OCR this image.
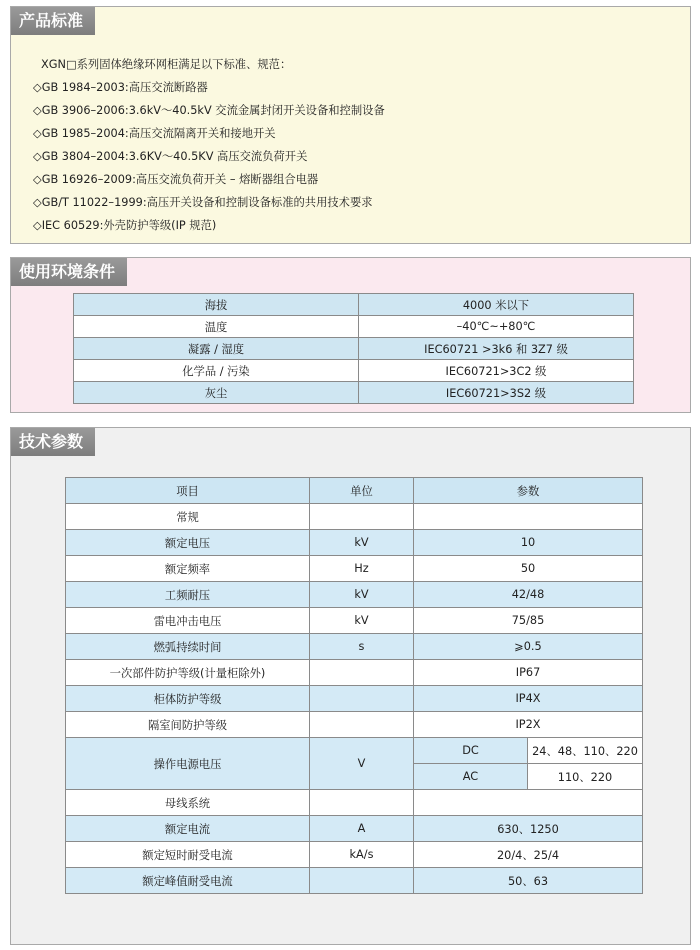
产品标准
XGN□系列固体绝缘环网柜满足以下标准、规范：
◇GB 1984–2003:高压交流断路器
◇GB 3906–2006:3.6kV～40.5kV 交流金属封闭开关设备和控制设备
◇GB 1985–2004:高压交流隔离开关和接地开关
◇GB 3804–2004:3.6KV～40.5KV 高压交流负荷开关
◇GB 16926–2009:高压交流负荷开关 – 熔断器组合电器
◇GB/T 11022–1999:高压开关设备和控制设备标准的共用技术要求
◇IEC 60529:外壳防护等级(IP 规范)
使用环境条件
海拔	4000 米以下
温度	–40℃~+80℃
凝露 / 湿度	IEC60721 >3k6 和 3Z7 级
化学品 / 污染	IEC60721>3C2 级
灰尘	IEC60721>3S2 级
技术参数
项目	单位	参数	
常规			
额定电压	kV	10	
额定频率	Hz	50	
工频耐压	kV	42/48	
雷电冲击电压	kV	75/85	
燃弧持续时间	s	⩾0.5	
一次部件防护等级(计量柜除外)		IP67	
柜体防护等级		IP4X	
隔室间防护等级		IP2X	
操作电源电压	V	DC	24、48、110、220
		AC	110、220
母线系统			
额定电流	A	630、1250	
额定短时耐受电流	kA/s	20/4、25/4	
额定峰值耐受电流		50、63	
